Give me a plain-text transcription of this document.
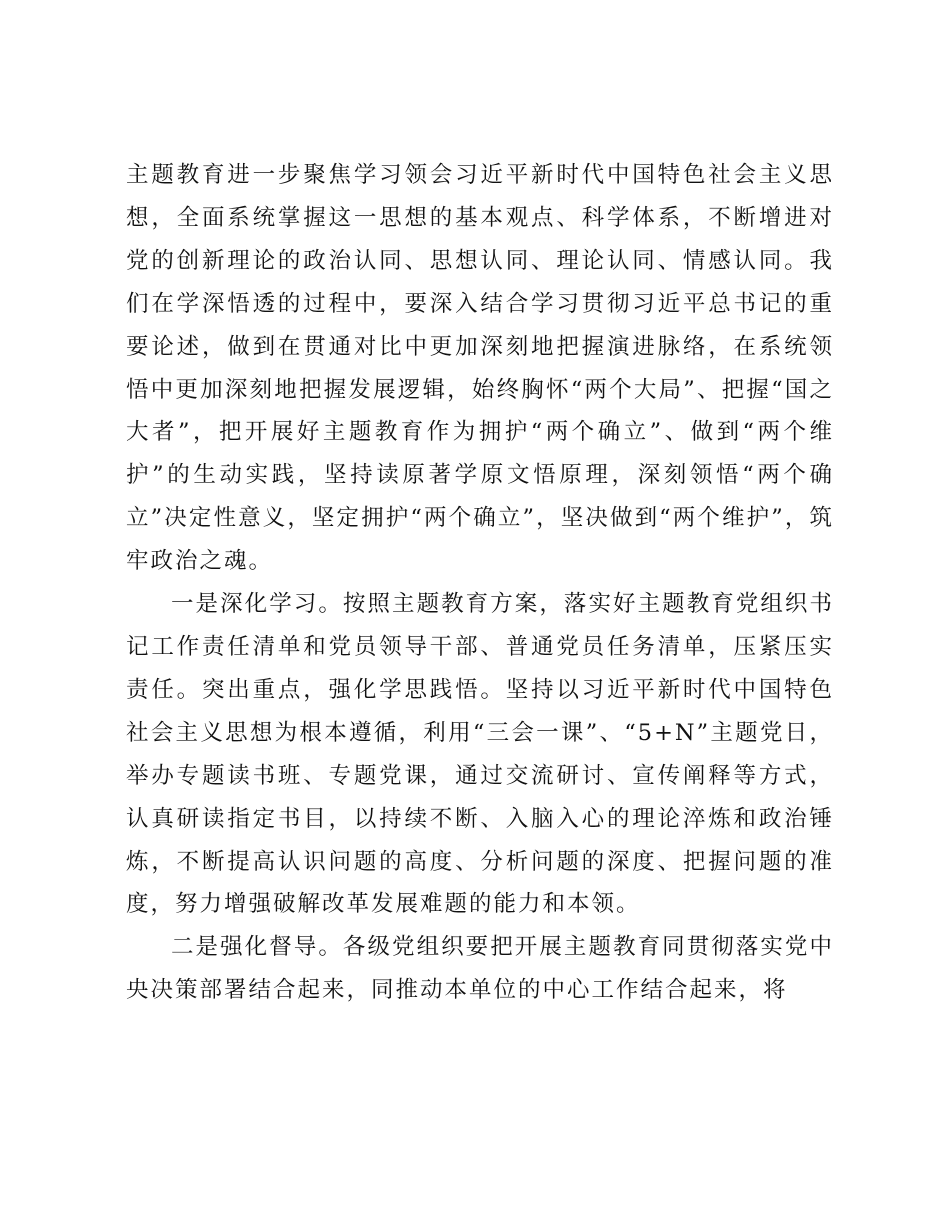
主题教育进一步聚焦学习领会习近平新时代中国特色社会主义思想，全面系统掌握这一思想的基本观点、科学体系，不断增进对党的创新理论的政治认同、思想认同、理论认同、情感认同。我们在学深悟透的过程中，要深入结合学习贯彻习近平总书记的重要论述，做到在贯通对比中更加深刻地把握演进脉络，在系统领悟中更加深刻地把握发展逻辑，始终胸怀“两个大局”、把握“国之大者”，把开展好主题教育作为拥护“两个确立”、做到“两个维护”的生动实践，坚持读原著学原文悟原理，深刻领悟“两个确立”决定性意义，坚定拥护“两个确立”，坚决做到“两个维护”，筑牢政治之魂。

一是深化学习。按照主题教育方案，落实好主题教育党组织书记工作责任清单和党员领导干部、普通党员任务清单，压紧压实责任。突出重点，强化学思践悟。坚持以习近平新时代中国特色社会主义思想为根本遵循，利用“三会一课”、“5+N”主题党日，举办专题读书班、专题党课，通过交流研讨、宣传阐释等方式，认真研读指定书目，以持续不断、入脑入心的理论淬炼和政治锤炼，不断提高认识问题的高度、分析问题的深度、把握问题的准度，努力增强破解改革发展难题的能力和本领。

二是强化督导。各级党组织要把开展主题教育同贯彻落实党中央决策部署结合起来，同推动本单位的中心工作结合起来，将
